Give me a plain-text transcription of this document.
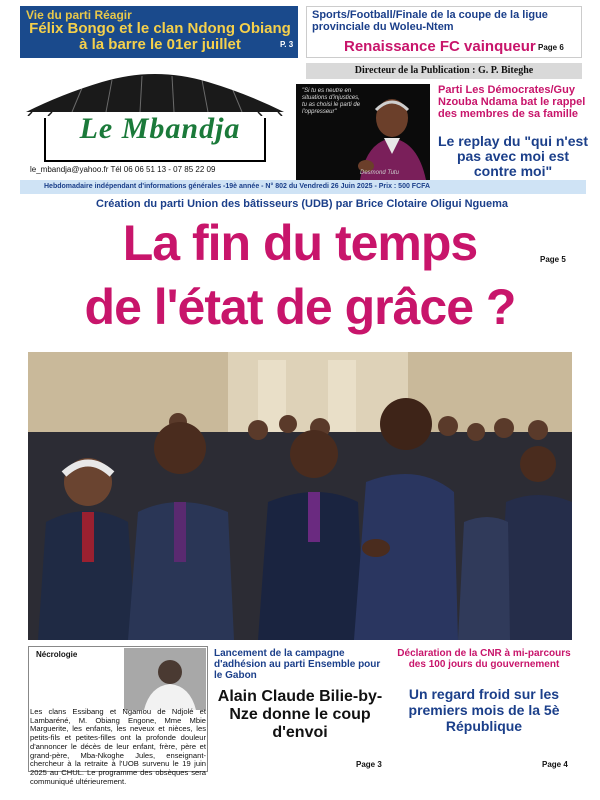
Vie du parti Réagir
Félix Bongo et le clan Ndong Obiang à la barre le 01er juillet	P. 3
Sports/Football/Finale de la coupe de la ligue provinciale du Woleu-Ntem
Renaissance FC vainqueur Page 6
Directeur de la Publication : G. P. Biteghe
Le Mbandja
le_mbandja@yahoo.fr Tél 06 06 51 13 - 07 85 22 09
"Si tu es neutre en situations d'injustices, tu as choisi le parti de l'oppresseur"
Desmond Tutu
Parti Les Démocrates/Guy Nzouba Ndama bat le rappel des membres de sa famille
Le replay du "qui n'est pas avec moi est contre moi"
Hebdomadaire indépendant d'informations générales -19è année - N° 802 du Vendredi 26 Juin 2025 - Prix : 500 FCFA
Création du parti Union des bâtisseurs (UDB) par Brice Clotaire Oligui Nguema
La fin du temps
de l'état de grâce ?
Page 5
Nécrologie
Les clans Essibang et Ngamou de Ndjolé et Lambaréné, M. Obiang Engone, Mme Mbie Marguerite, les enfants, les neveux et nièces, les petits-fils et petites-filles ont la profonde douleur d'annoncer le décès de leur enfant, frère, père et grand-père, Mba-Nkoghe Jules, enseignant-chercheur à la retraite à l'UOB survenu le 19 juin 2025 au CHUL. Le programme des obsèques sera communiqué ultérieurement.
Lancement de la campagne d'adhésion au parti Ensemble pour le Gabon
Alain Claude Bilie-by-Nze donne le coup d'envoi
Page 3
Déclaration de la CNR à mi-parcours des 100 jours du gouvernement
Un regard froid sur les premiers mois de la 5è République
Page 4
